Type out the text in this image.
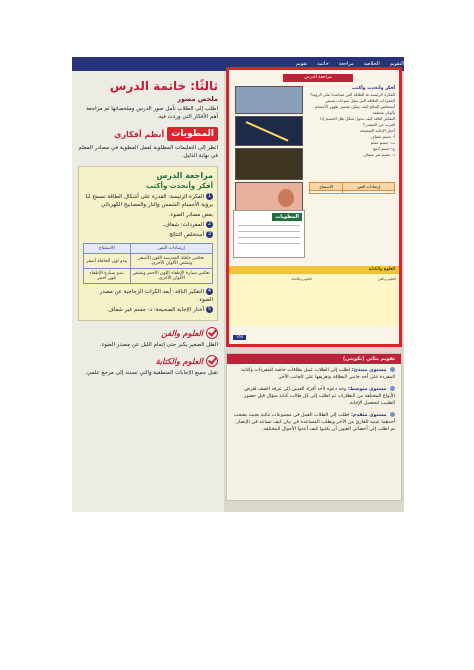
التقويم
الخلاصة
مراجعة
خاتمة
تقويم
ثالثًا: خاتمة الدرس
ملخص مصور

اطلب إلى الطلاب تأمل صور الدرس وملخصاتها ثم مراجعة أهم الأفكار التي وردت فيه.

المطويات
أنظم أفكاري

انظر إلى التعليمات المطلوبة لعمل المطوية في مصادر المعلم في نهاية الدليل.

مراجعة الدرس
أفكر وأتحدث وأكتب

1الفكرة الرئيسة: القدرة على أشكال الطاقة تسمح لنا برؤية الأجسام الشمس والنار والمصابيح الكهربائي

بعض مصادر الضوء.

2المفردات: شفاف.

3أستخلص النتائج

إرشادات النص	الاستنتاج
تعكس حافلة المدرسة اللون الأصفر وتمتص الألوان الأخرى.	يبدو لون الحافلة أصفر
تعكس سيارة الإطفاء اللون الأحمر وتمتص الألوان الأخرى.	تبدو سيارة الإطفاء بلون أحمر

4التفكير الناقد: أيعد الكرات الزجاجية عن مصدر الضوء.

5أختار الإجابة الصحيحة: د- جسم غير شفاف

العلوم والفن

الظل الصغير يكبر حتى إتمام الليل عن مصدر الضوء.

العلوم والكتابة

تقبل جميع الإجابات المنطقية والتي تستند إلى مرجع علمي.

مراجعة الدرس
أفكر وأتحدث وأكتب
الفكرة الرئيسة ما الطاقة التي تساعدنا على الرؤية؟
المفردات الطاقة التي تنقل بموجات تسمى
أستخلص النتائج كيف يمكن تفسير ظهور الأجسام بألوان مختلفة
التفكير الناقد كيف تحول شكل ظل الجسم إذا اقترب من المصدر؟
أختار الإجابة الصحيحة
أ- جسم شفاف
ب- جسم معتم
ج- جسم لامع
د- جسم غير شفاف
إرشادات النص	الاستنتاج

المطويات
العلوم والكتابة
العلوم والفن
العلوم والكتابة
١٥٧
تقويم بنائي (تكويني)
مستوى مبتدئ: اطلب إلى الطلاب عمل بطاقات خاصة للمفردات وكتابة المفردة على أحد جانبي البطاقة وتعريفها على الجانب الآخر.
مستوى متوسط: وجه دعوة لأحد أفراد العينين إلى غرفة الصف لعرض الأنواع المختلفة من النظارات ثم اطلب إلى كل طالب كتابة سؤال قبل حضور الطبيب لتحصيل الإجابة.
مستوى متقدم: اطلب إلى الطلاب العمل في مجموعات ثنائية بحيث يصحب أحدهما عينيه للقارئ من الآخر ويطلب المساعدة في بيان كيف تساعد في الإبصار. ثم اطلب إلى أخصائي العيون أن يكتبوا كيف أعدوا الأحوال المختلفة.
